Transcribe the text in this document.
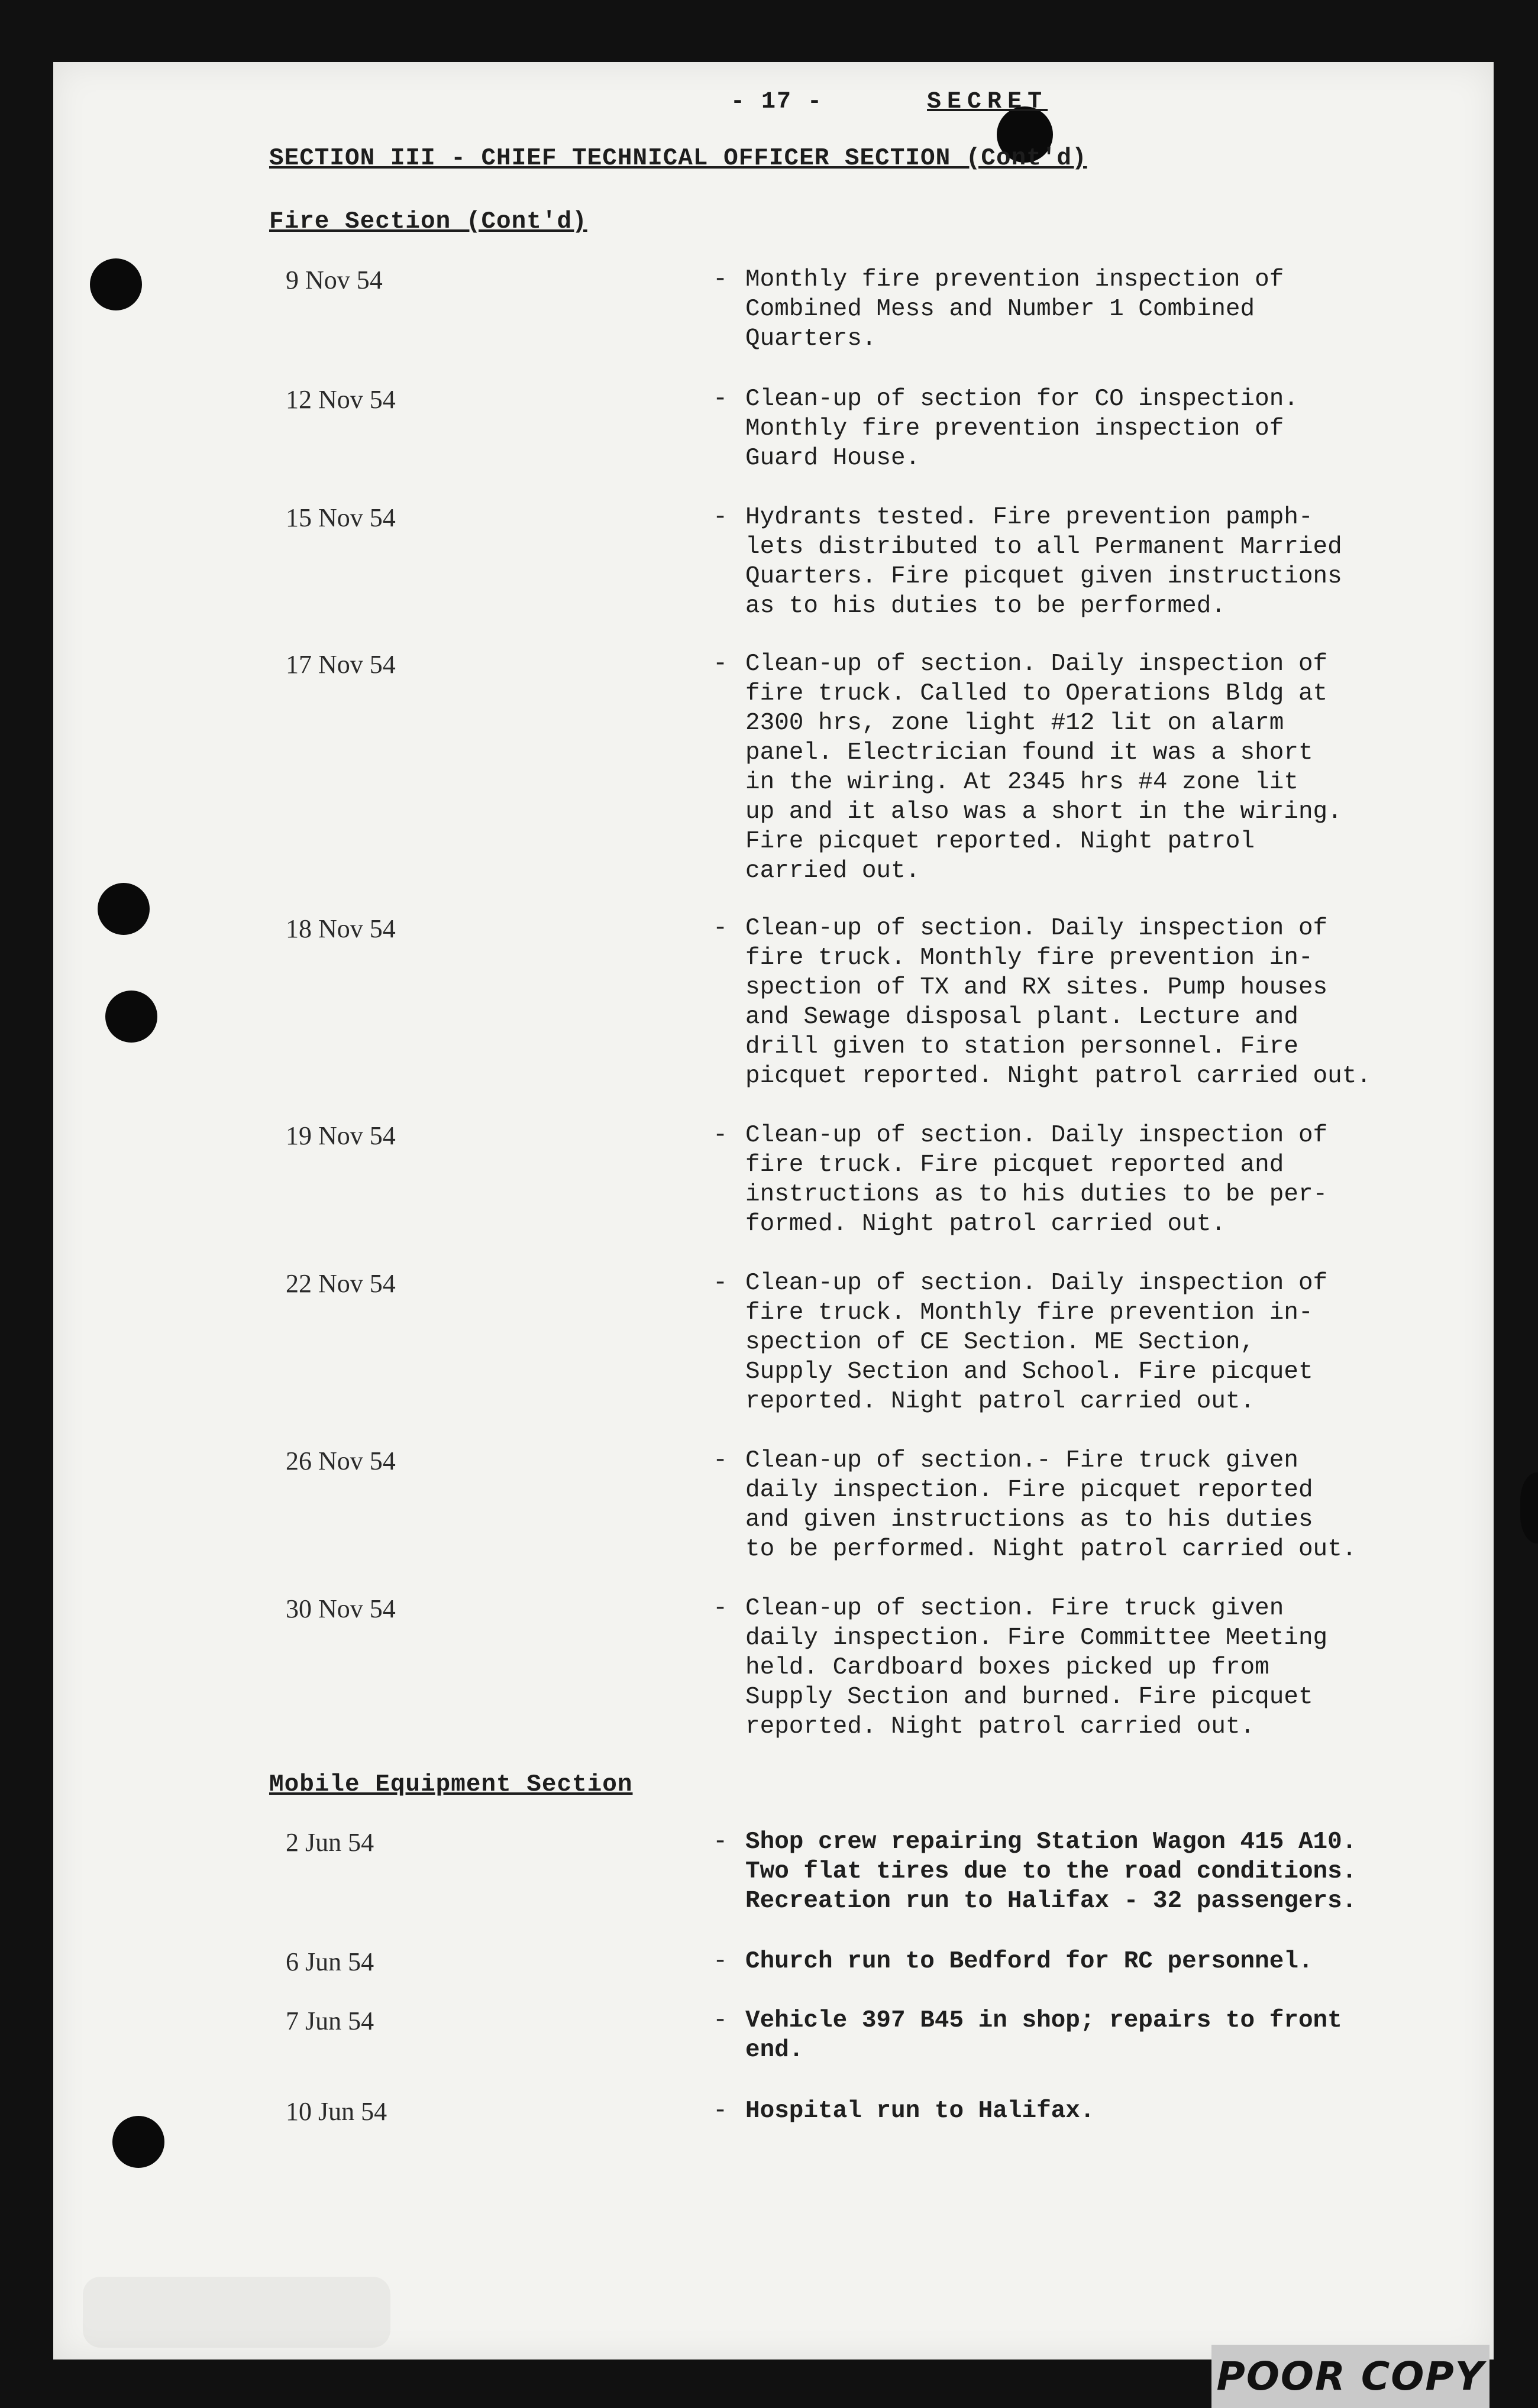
- 17 -	SECRET
SECTION III - CHIEF TECHNICAL OFFICER SECTION (Cont'd)
Fire Section (Cont'd)
9 Nov 54	- Monthly fire prevention inspection of
Combined Mess and Number 1 Combined
Quarters.
12 Nov 54	- Clean-up of section for CO inspection.
Monthly fire prevention inspection of
Guard House.
15 Nov 54	- Hydrants tested. Fire prevention pamph-
lets distributed to all Permanent Married
Quarters. Fire picquet given instructions
as to his duties to be performed.
17 Nov 54	- Clean-up of section. Daily inspection of
fire truck. Called to Operations Bldg at
2300 hrs, zone light #12 lit on alarm
panel. Electrician found it was a short
in the wiring. At 2345 hrs #4 zone lit
up and it also was a short in the wiring.
Fire picquet reported. Night patrol
carried out.
18 Nov 54	- Clean-up of section. Daily inspection of
fire truck. Monthly fire prevention in-
spection of TX and RX sites. Pump houses
and Sewage disposal plant. Lecture and
drill given to station personnel. Fire
picquet reported. Night patrol carried out.
19 Nov 54	- Clean-up of section. Daily inspection of
fire truck. Fire picquet reported and
instructions as to his duties to be per-
formed. Night patrol carried out.
22 Nov 54	- Clean-up of section. Daily inspection of
fire truck. Monthly fire prevention in-
spection of CE Section. ME Section,
Supply Section and School. Fire picquet
reported. Night patrol carried out.
26 Nov 54	- Clean-up of section.- Fire truck given
daily inspection. Fire picquet reported
and given instructions as to his duties
to be performed. Night patrol carried out.
30 Nov 54	- Clean-up of section. Fire truck given
daily inspection. Fire Committee Meeting
held. Cardboard boxes picked up from
Supply Section and burned. Fire picquet
reported. Night patrol carried out.
Mobile Equipment Section
2 Jun 54	- Shop crew repairing Station Wagon 415 A10.
Two flat tires due to the road conditions.
Recreation run to Halifax - 32 passengers.
6 Jun 54	- Church run to Bedford for RC personnel.
7 Jun 54	- Vehicle 397 B45 in shop; repairs to front
end.
10 Jun 54	- Hospital run to Halifax.
POOR COPY
